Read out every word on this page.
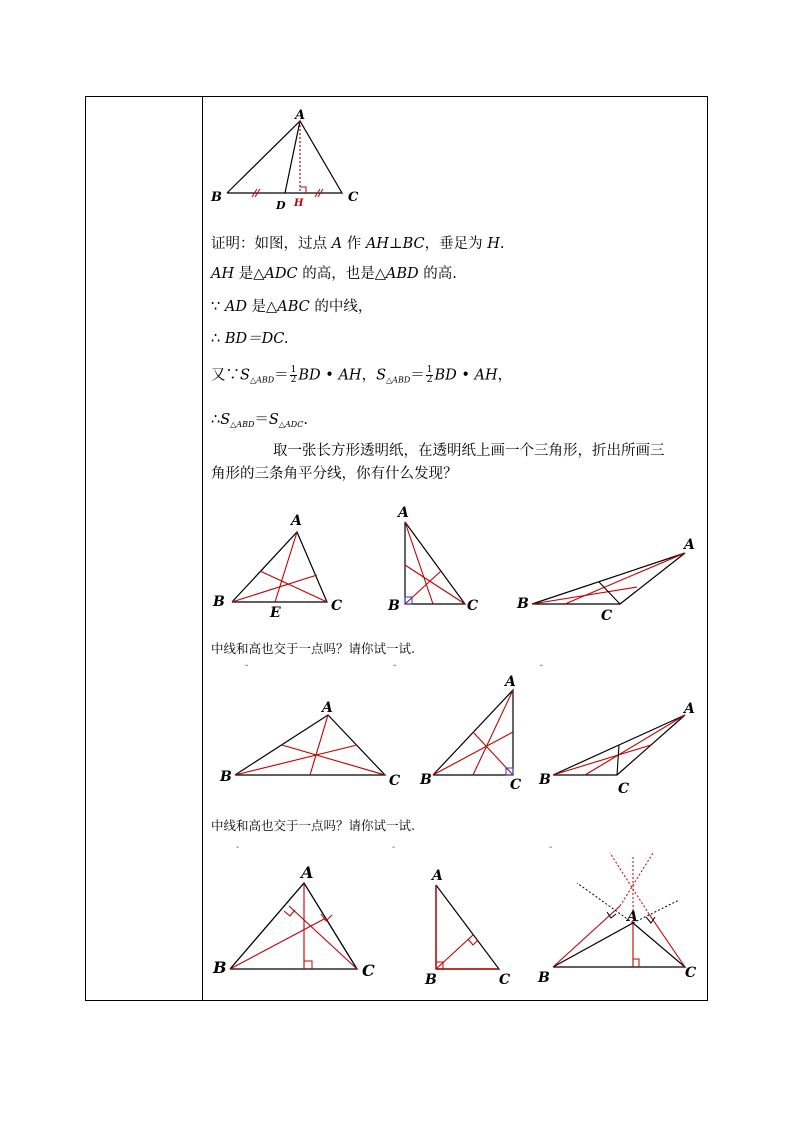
A
B	C
D H
证明：如图，过点 A 作 AH⊥BC，垂足为 H.
AH 是△ADC 的高，也是△ABD 的高.
∵ AD 是△ABC 的中线，
∴ BD＝DC.
又$\because S_{\triangle ABD}= \frac{1}{2}$ BD • AH，$S_{\triangle ABD}= \frac{1}{2}$ BD • AH，
$\therefore S_{\triangle ABD}=S_{\triangle ADC}$.
取一张长方形透明纸，在透明纸上画一个三角形，折出所画三
角形的三条角平分线，你有什么发现？
A
B	C
E
A
B	C
A
B
C
中线和高也交于一点吗？请你试一试.
˘	˘	˘
A
B	C
A
B	C
A
B
C
中线和高也交于一点吗？请你试一试.
-	-	-
A
B	C
A
B	C
A
B	C
